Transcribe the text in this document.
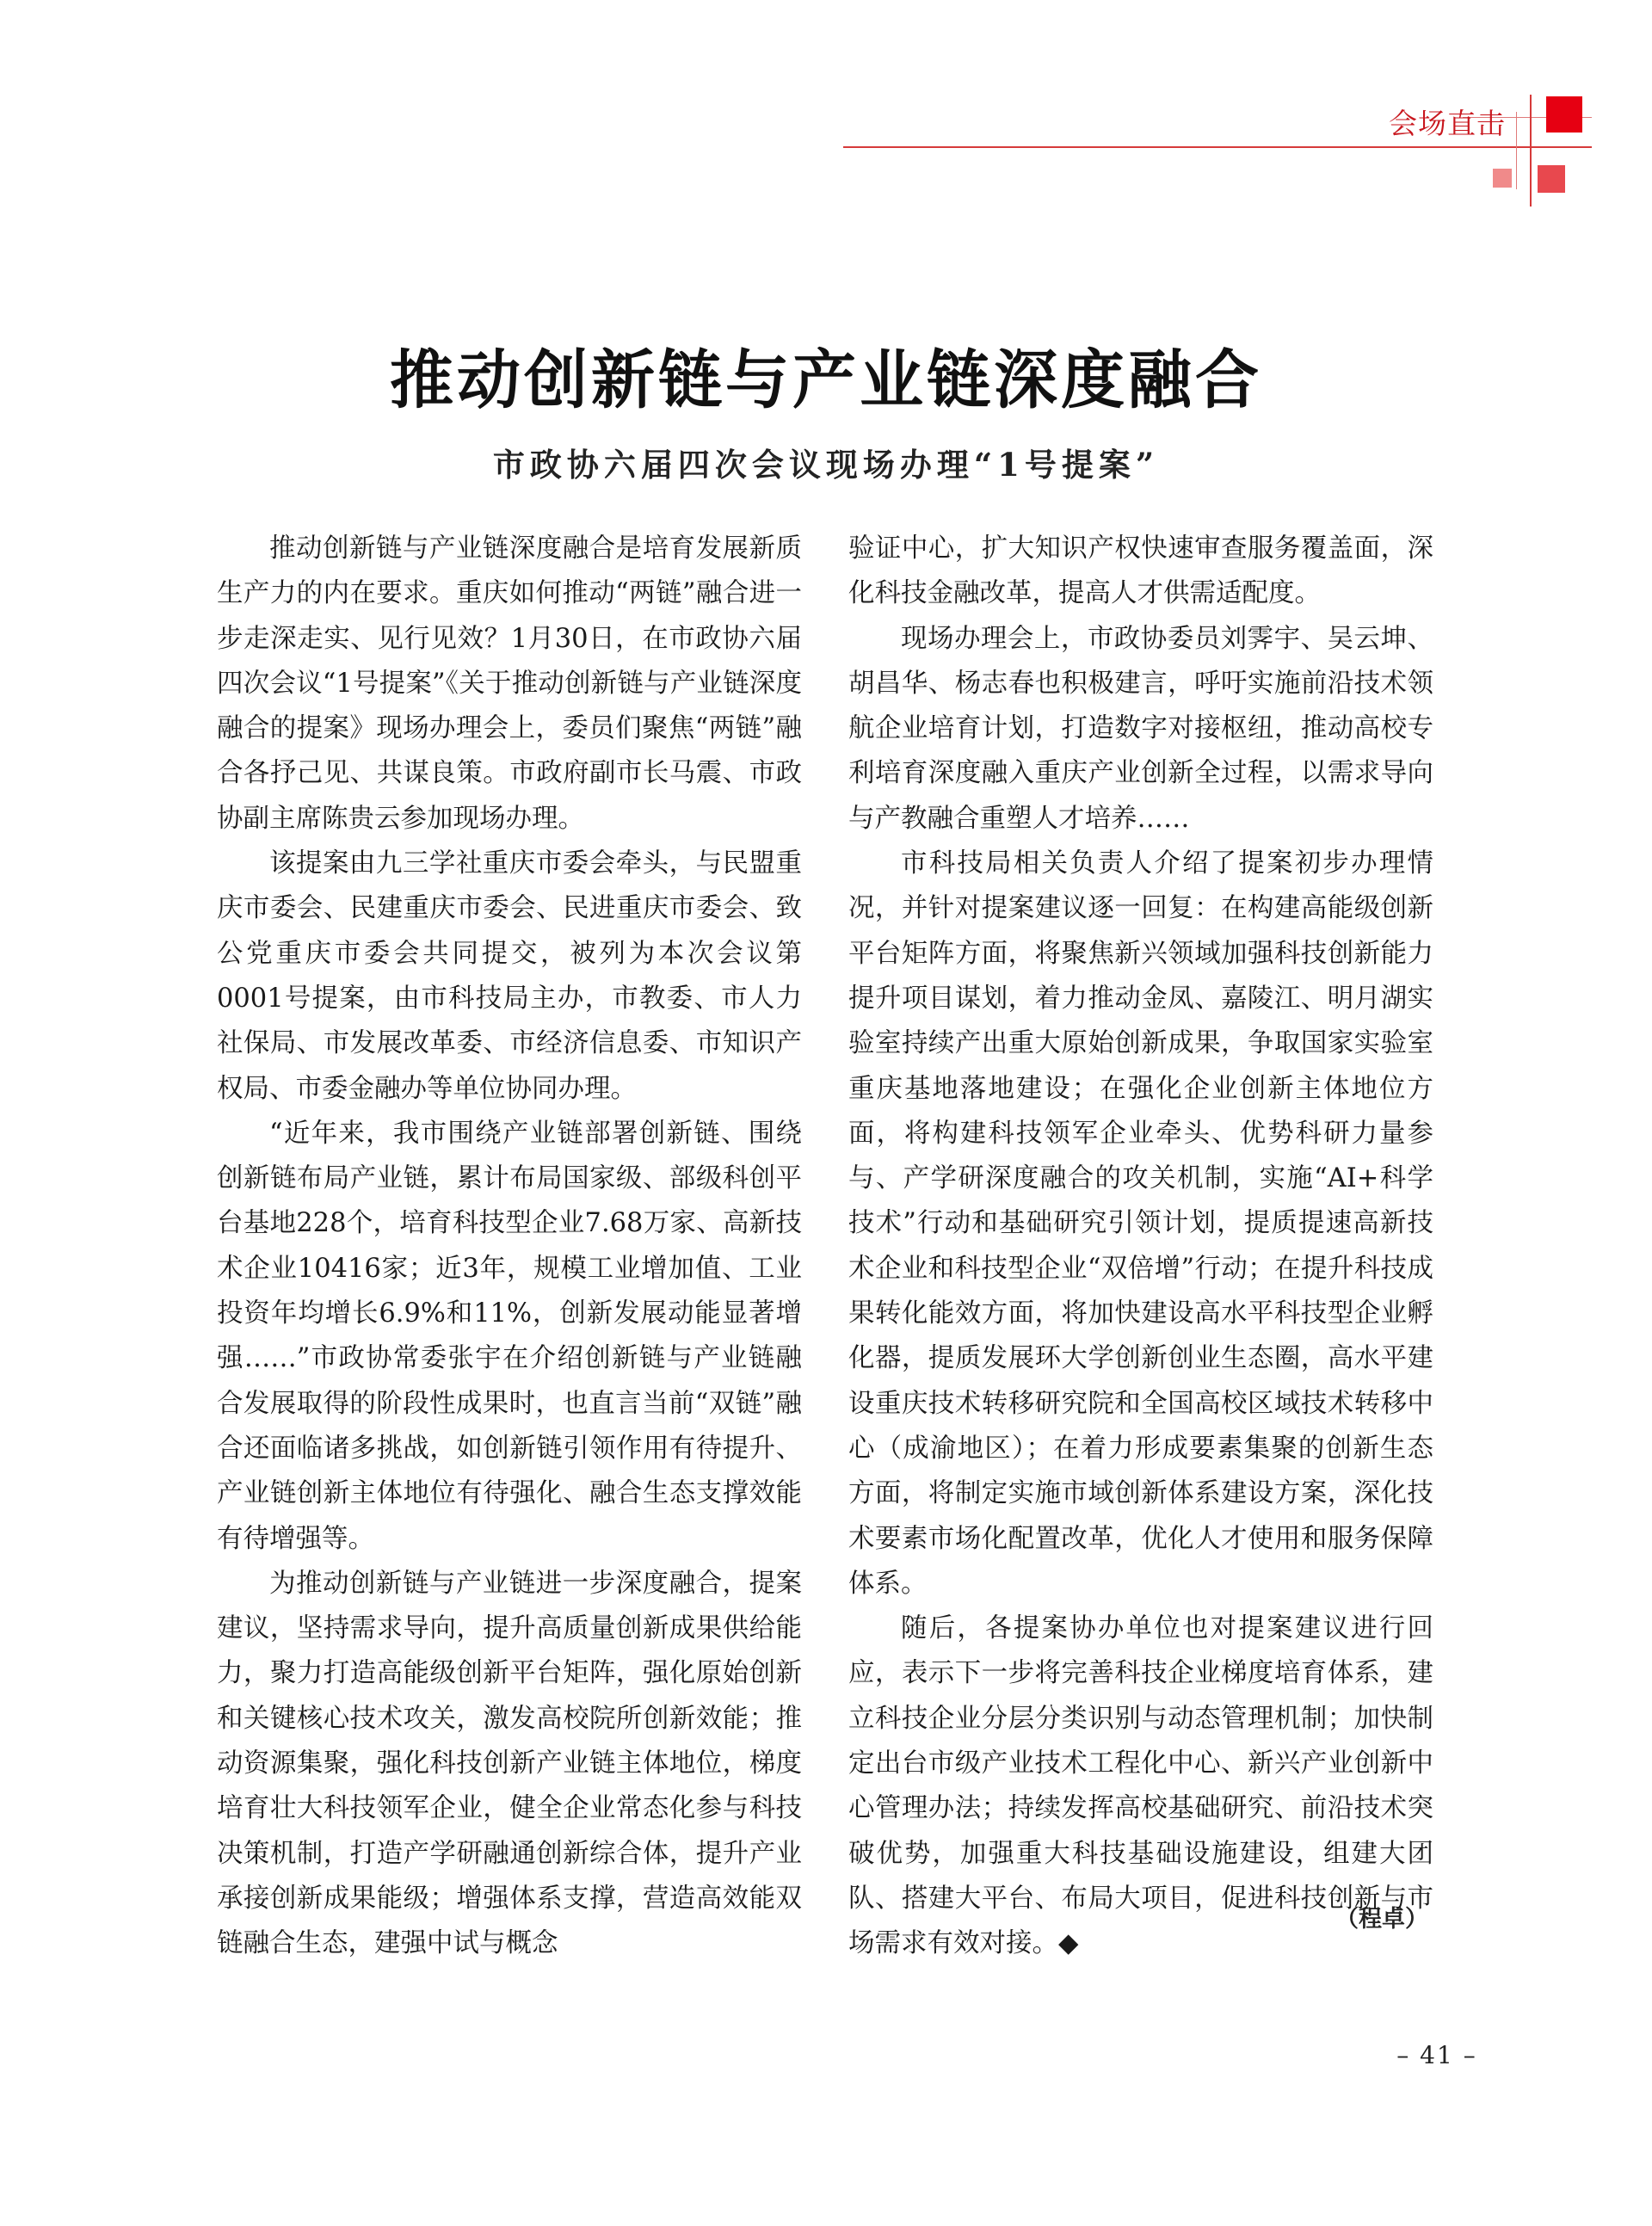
会场直击
推动创新链与产业链深度融合
市政协六届四次会议现场办理“1号提案”

推动创新链与产业链深度融合是培育发展新质生产力的内在要求。重庆如何推动“两链”融合进一步走深走实、见行见效？1月30日，在市政协六届四次会议“1号提案”《关于推动创新链与产业链深度融合的提案》现场办理会上，委员们聚焦“两链”融合各抒己见、共谋良策。市政府副市长马震、市政协副主席陈贵云参加现场办理。

该提案由九三学社重庆市委会牵头，与民盟重庆市委会、民建重庆市委会、民进重庆市委会、致公党重庆市委会共同提交，被列为本次会议第0001号提案，由市科技局主办，市教委、市人力社保局、市发展改革委、市经济信息委、市知识产权局、市委金融办等单位协同办理。

“近年来，我市围绕产业链部署创新链、围绕创新链布局产业链，累计布局国家级、部级科创平台基地228个，培育科技型企业7.68万家、高新技术企业10416家；近3年，规模工业增加值、工业投资年均增长6.9%和11%，创新发展动能显著增强……”市政协常委张宇在介绍创新链与产业链融合发展取得的阶段性成果时，也直言当前“双链”融合还面临诸多挑战，如创新链引领作用有待提升、产业链创新主体地位有待强化、融合生态支撑效能有待增强等。

为推动创新链与产业链进一步深度融合，提案建议，坚持需求导向，提升高质量创新成果供给能力，聚力打造高能级创新平台矩阵，强化原始创新和关键核心技术攻关，激发高校院所创新效能；推动资源集聚，强化科技创新产业链主体地位，梯度培育壮大科技领军企业，健全企业常态化参与科技决策机制，打造产学研融通创新综合体，提升产业承接创新成果能级；增强体系支撑，营造高效能双链融合生态，建强中试与概念

验证中心，扩大知识产权快速审查服务覆盖面，深化科技金融改革，提高人才供需适配度。

现场办理会上，市政协委员刘霁宇、吴云坤、胡昌华、杨志春也积极建言，呼吁实施前沿技术领航企业培育计划，打造数字对接枢纽，推动高校专利培育深度融入重庆产业创新全过程，以需求导向与产教融合重塑人才培养……

市科技局相关负责人介绍了提案初步办理情况，并针对提案建议逐一回复：在构建高能级创新平台矩阵方面，将聚焦新兴领域加强科技创新能力提升项目谋划，着力推动金凤、嘉陵江、明月湖实验室持续产出重大原始创新成果，争取国家实验室重庆基地落地建设；在强化企业创新主体地位方面，将构建科技领军企业牵头、优势科研力量参与、产学研深度融合的攻关机制，实施“AI+科学技术”行动和基础研究引领计划，提质提速高新技术企业和科技型企业“双倍增”行动；在提升科技成果转化能效方面，将加快建设高水平科技型企业孵化器，提质发展环大学创新创业生态圈，高水平建设重庆技术转移研究院和全国高校区域技术转移中心（成渝地区）；在着力形成要素集聚的创新生态方面，将制定实施市域创新体系建设方案，深化技术要素市场化配置改革，优化人才使用和服务保障体系。

随后，各提案协办单位也对提案建议进行回应，表示下一步将完善科技企业梯度培育体系，建立科技企业分层分类识别与动态管理机制；加快制定出台市级产业技术工程化中心、新兴产业创新中心管理办法；持续发挥高校基础研究、前沿技术突破优势，加强重大科技基础设施建设，组建大团队、搭建大平台、布局大项目，促进科技创新与市场需求有效对接。◆

（程卓）
– 41 –
